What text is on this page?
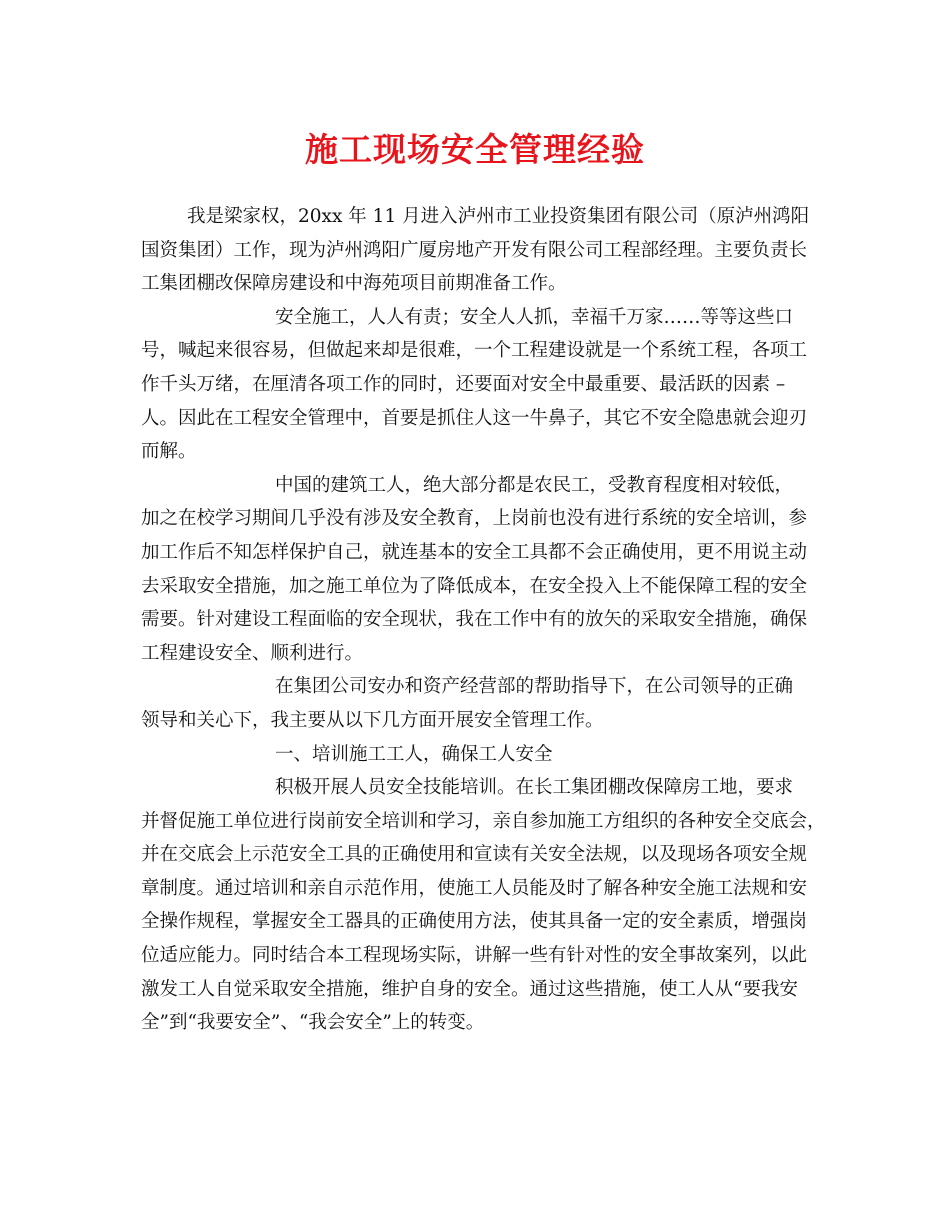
施工现场安全管理经验

我是梁家权，20xx 年 11 月进入泸州市工业投资集团有限公司（原泸州鸿阳
国资集团）工作，现为泸州鸿阳广厦房地产开发有限公司工程部经理。主要负责长
工集团棚改保障房建设和中海苑项目前期准备工作。

安全施工，人人有责；安全人人抓，幸福千万家……等等这些口
号，喊起来很容易，但做起来却是很难，一个工程建设就是一个系统工程，各项工
作千头万绪，在厘清各项工作的同时，还要面对安全中最重要、最活跃的因素 –
人。因此在工程安全管理中，首要是抓住人这一牛鼻子，其它不安全隐患就会迎刃
而解。

中国的建筑工人，绝大部分都是农民工，受教育程度相对较低，
加之在校学习期间几乎没有涉及安全教育，上岗前也没有进行系统的安全培训，参
加工作后不知怎样保护自己，就连基本的安全工具都不会正确使用，更不用说主动
去采取安全措施，加之施工单位为了降低成本，在安全投入上不能保障工程的安全
需要。针对建设工程面临的安全现状，我在工作中有的放矢的采取安全措施，确保
工程建设安全、顺利进行。

在集团公司安办和资产经营部的帮助指导下，在公司领导的正确
领导和关心下，我主要从以下几方面开展安全管理工作。

一、培训施工工人，确保工人安全

积极开展人员安全技能培训。在长工集团棚改保障房工地，要求
并督促施工单位进行岗前安全培训和学习，亲自参加施工方组织的各种安全交底会，
并在交底会上示范安全工具的正确使用和宣读有关安全法规，以及现场各项安全规
章制度。通过培训和亲自示范作用，使施工人员能及时了解各种安全施工法规和安
全操作规程，掌握安全工器具的正确使用方法，使其具备一定的安全素质，增强岗
位适应能力。同时结合本工程现场实际，讲解一些有针对性的安全事故案列，以此
激发工人自觉采取安全措施，维护自身的安全。通过这些措施，使工人从“要我安
全”到“我要安全”、“我会安全”上的转变。
